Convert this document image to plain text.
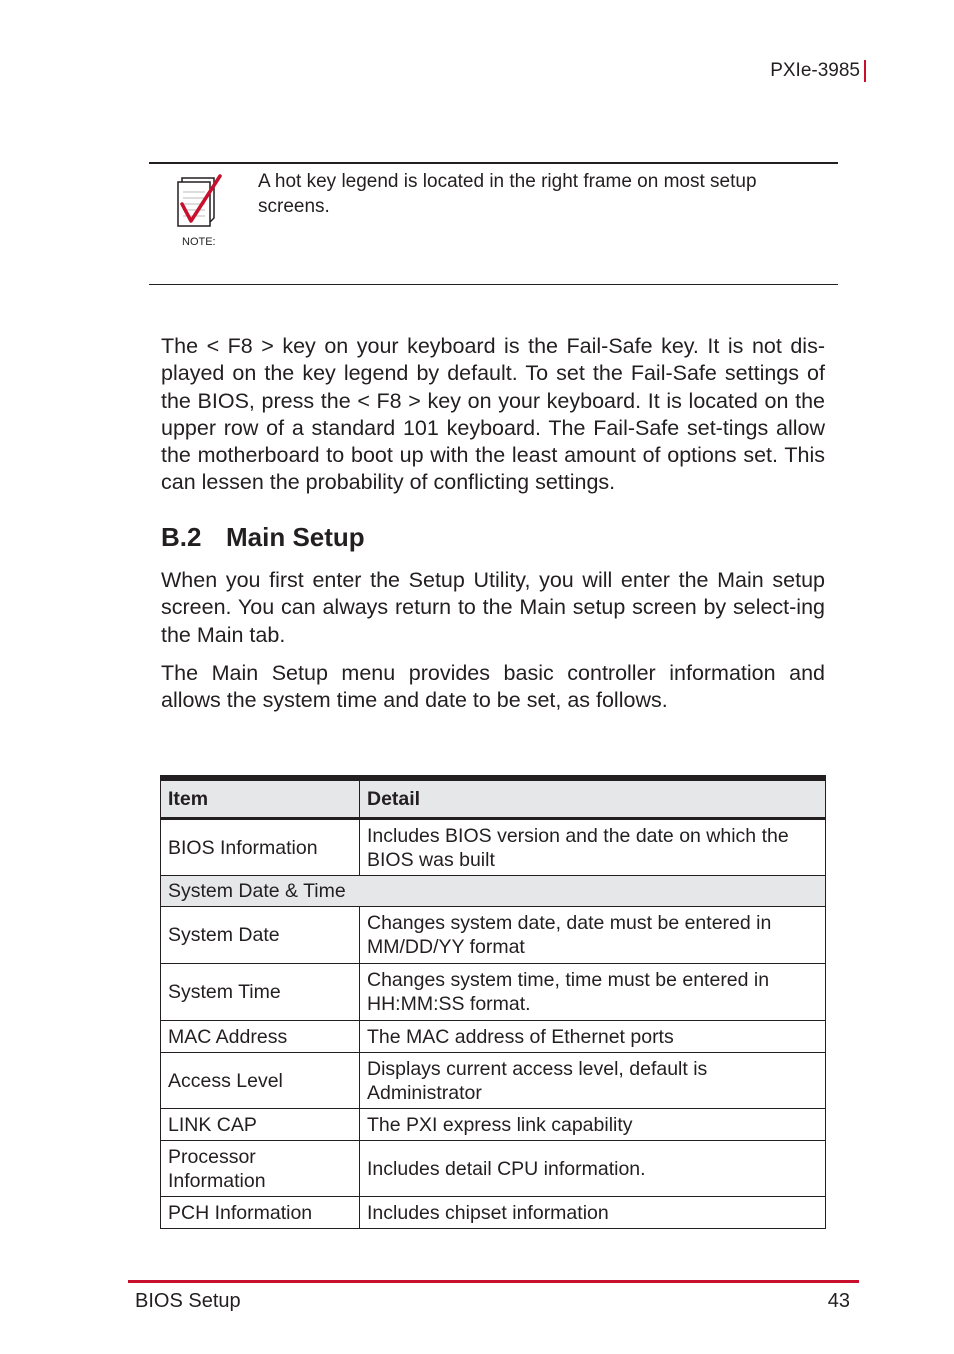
PXIe-3985
NOTE:
A hot key legend is located in the right frame on most setup screens.
The < F8 > key on your keyboard is the Fail-Safe key. It is not dis-played on the key legend by default. To set the Fail-Safe settings of the BIOS, press the < F8 > key on your keyboard. It is located on the upper row of a standard 101 keyboard. The Fail-Safe set-tings allow the motherboard to boot up with the least amount of options set. This can lessen the probability of conflicting settings.
B.2 Main Setup
When you first enter the Setup Utility, you will enter the Main setup screen. You can always return to the Main setup screen by select-ing the Main tab.
The Main Setup menu provides basic controller information and allows the system time and date to be set, as follows.
Item	Detail
BIOS Information	Includes BIOS version and the date on which the BIOS was built
System Date & Time	
System Date	Changes system date, date must be entered in MM/DD/YY format
System Time	Changes system time, time must be entered in HH:MM:SS format.
MAC Address	The MAC address of Ethernet ports
Access Level	Displays current access level, default is Administrator
LINK CAP	The PXI express link capability
Processor Information	Includes detail CPU information.
PCH Information	Includes chipset information
BIOS Setup	43
